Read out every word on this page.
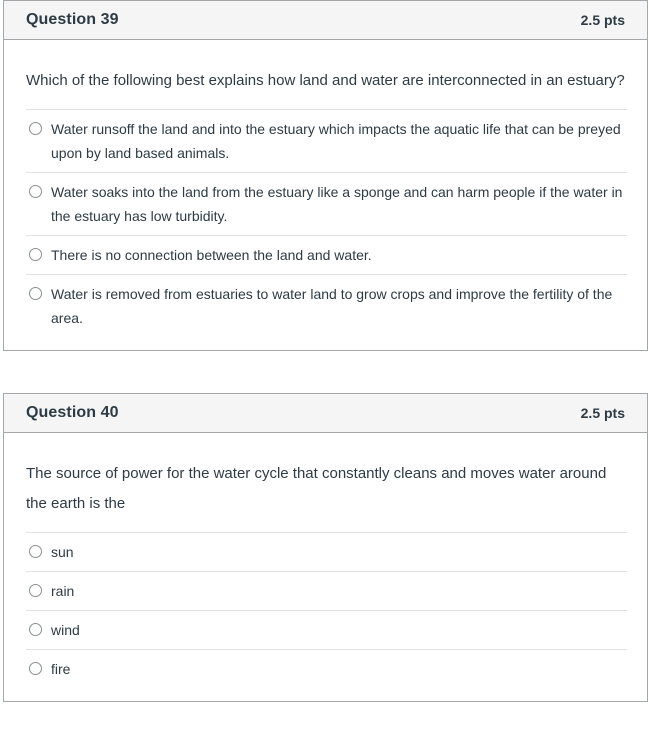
Question 39	2.5 pts
Which of the following best explains how land and water are interconnected in an estuary?
Water runsoff the land and into the estuary which impacts the aquatic life that can be preyed upon by land based animals.
Water soaks into the land from the estuary like a sponge and can harm people if the water in the estuary has low turbidity.
There is no connection between the land and water.
Water is removed from estuaries to water land to grow crops and improve the fertility of the area.
Question 40	2.5 pts
The source of power for the water cycle that constantly cleans and moves water around the earth is the
sun
rain
wind
fire
